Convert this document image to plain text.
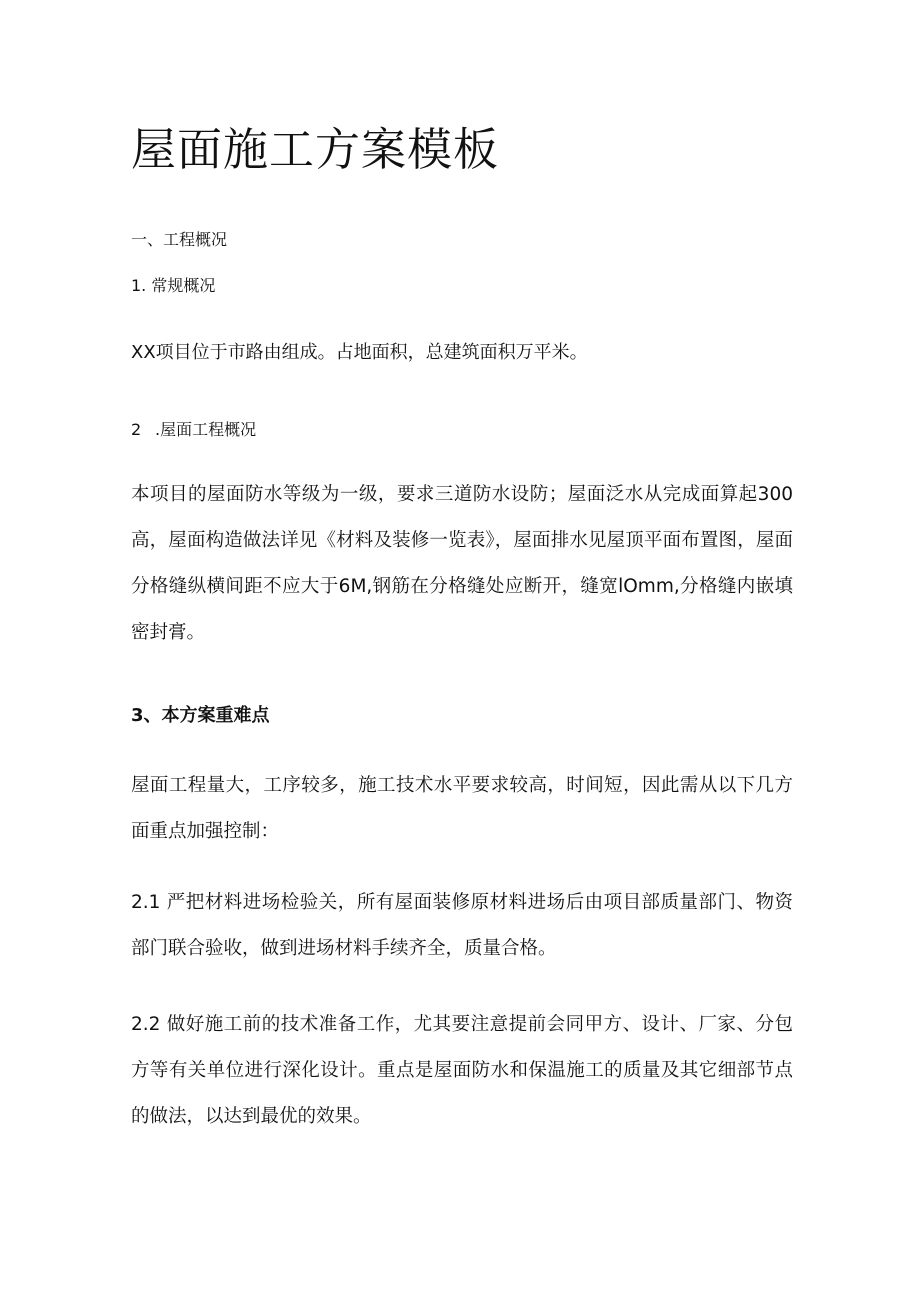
屋面施工方案模板

一、工程概况

1. 常规概况

XX项目位于市路由组成。占地面积，总建筑面积万平米。

2 .屋面工程概况

本项目的屋面防水等级为一级，要求三道防水设防；屋面泛水从完成面算起300高，屋面构造做法详见《材料及装修一览表》，屋面排水见屋顶平面布置图，屋面分格缝纵横间距不应大于6M,钢筋在分格缝处应断开，缝宽lOmm,分格缝内嵌填密封膏。

3、本方案重难点

屋面工程量大，工序较多，施工技术水平要求较高，时间短，因此需从以下几方面重点加强控制：

2.1 严把材料进场检验关，所有屋面装修原材料进场后由项目部质量部门、物资部门联合验收，做到进场材料手续齐全，质量合格。

2.2 做好施工前的技术准备工作，尤其要注意提前会同甲方、设计、厂家、分包方等有关单位进行深化设计。重点是屋面防水和保温施工的质量及其它细部节点的做法，以达到最优的效果。
